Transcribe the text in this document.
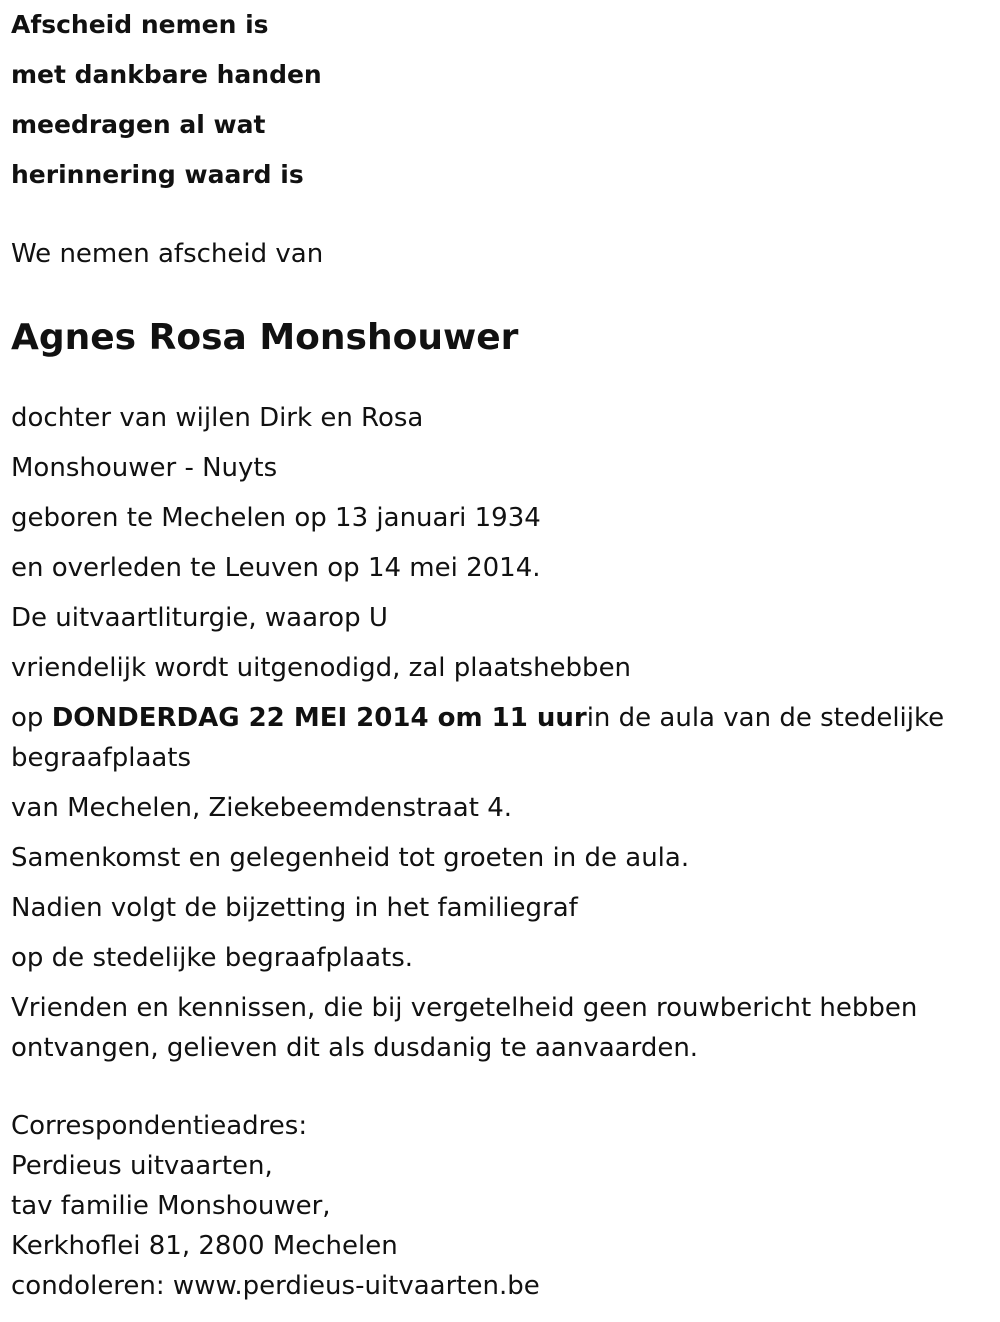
Afscheid nemen is
met dankbare handen
meedragen al wat
herinnering waard is
We nemen afscheid van
Agnes Rosa Monshouwer
dochter van wijlen Dirk en Rosa
Monshouwer - Nuyts
geboren te Mechelen op 13 januari 1934
en overleden te Leuven op 14 mei 2014.
De uitvaartliturgie, waarop U
vriendelijk wordt uitgenodigd, zal plaatshebben
op DONDERDAG 22 MEI 2014 om 11 uurin de aula van de stedelijke begraafplaats
van Mechelen, Ziekebeemdenstraat 4.
Samenkomst en gelegenheid tot groeten in de aula.
Nadien volgt de bijzetting in het familiegraf
op de stedelijke begraafplaats.
Vrienden en kennissen, die bij vergetelheid geen rouwbericht hebben ontvangen, gelieven dit als dusdanig te aanvaarden.
Correspondentieadres:
Perdieus uitvaarten,
tav familie Monshouwer,
Kerkhoflei 81, 2800 Mechelen
condoleren: www.perdieus-uitvaarten.be
